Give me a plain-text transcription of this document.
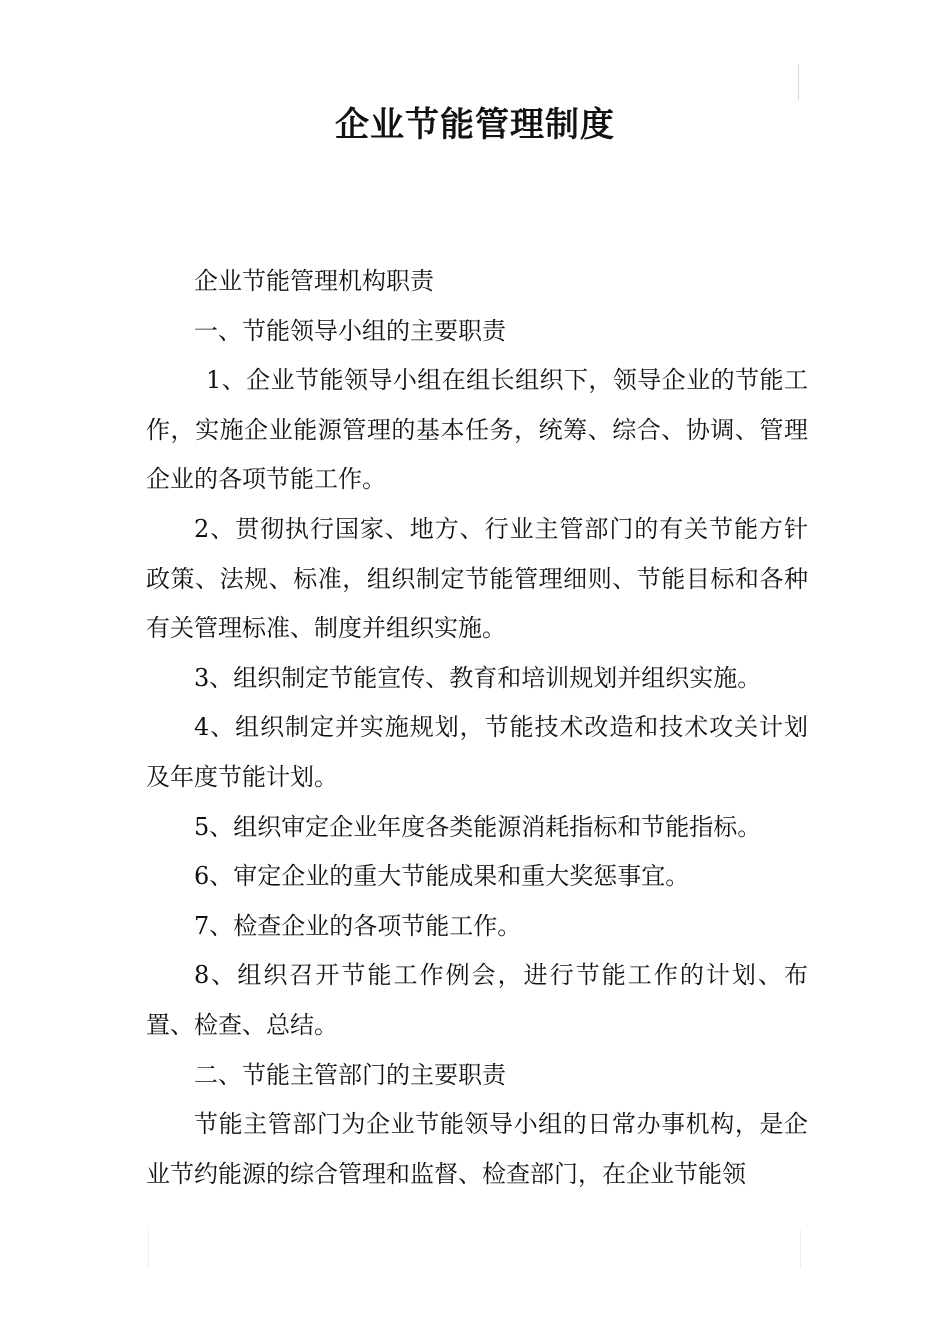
企业节能管理制度

企业节能管理机构职责

一、节能领导小组的主要职责

1、企业节能领导小组在组长组织下，领导企业的节能工作，实施企业能源管理的基本任务，统筹、综合、协调、管理企业的各项节能工作。

2、贯彻执行国家、地方、行业主管部门的有关节能方针政策、法规、标准，组织制定节能管理细则、节能目标和各种有关管理标准、制度并组织实施。

3、组织制定节能宣传、教育和培训规划并组织实施。

4、组织制定并实施规划，节能技术改造和技术攻关计划及年度节能计划。

5、组织审定企业年度各类能源消耗指标和节能指标。

6、审定企业的重大节能成果和重大奖惩事宜。

7、检查企业的各项节能工作。

8、组织召开节能工作例会，进行节能工作的计划、布置、检查、总结。

二、节能主管部门的主要职责

节能主管部门为企业节能领导小组的日常办事机构，是企业节约能源的综合管理和监督、检查部门，在企业节能领
